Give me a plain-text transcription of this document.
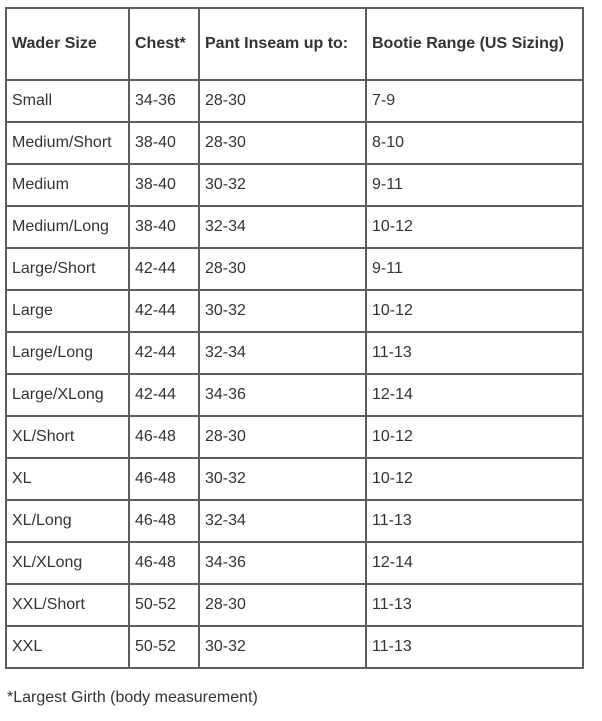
Wader Size	Chest*	Pant Inseam up to:	Bootie Range (US Sizing)
Small	34-36	28-30	7-9
Medium/Short	38-40	28-30	8-10
Medium	38-40	30-32	9-11
Medium/Long	38-40	32-34	10-12
Large/Short	42-44	28-30	9-11
Large	42-44	30-32	10-12
Large/Long	42-44	32-34	11-13
Large/XLong	42-44	34-36	12-14
XL/Short	46-48	28-30	10-12
XL	46-48	30-32	10-12
XL/Long	46-48	32-34	11-13
XL/XLong	46-48	34-36	12-14
XXL/Short	50-52	28-30	11-13
XXL	50-52	30-32	11-13

*Largest Girth (body measurement)
